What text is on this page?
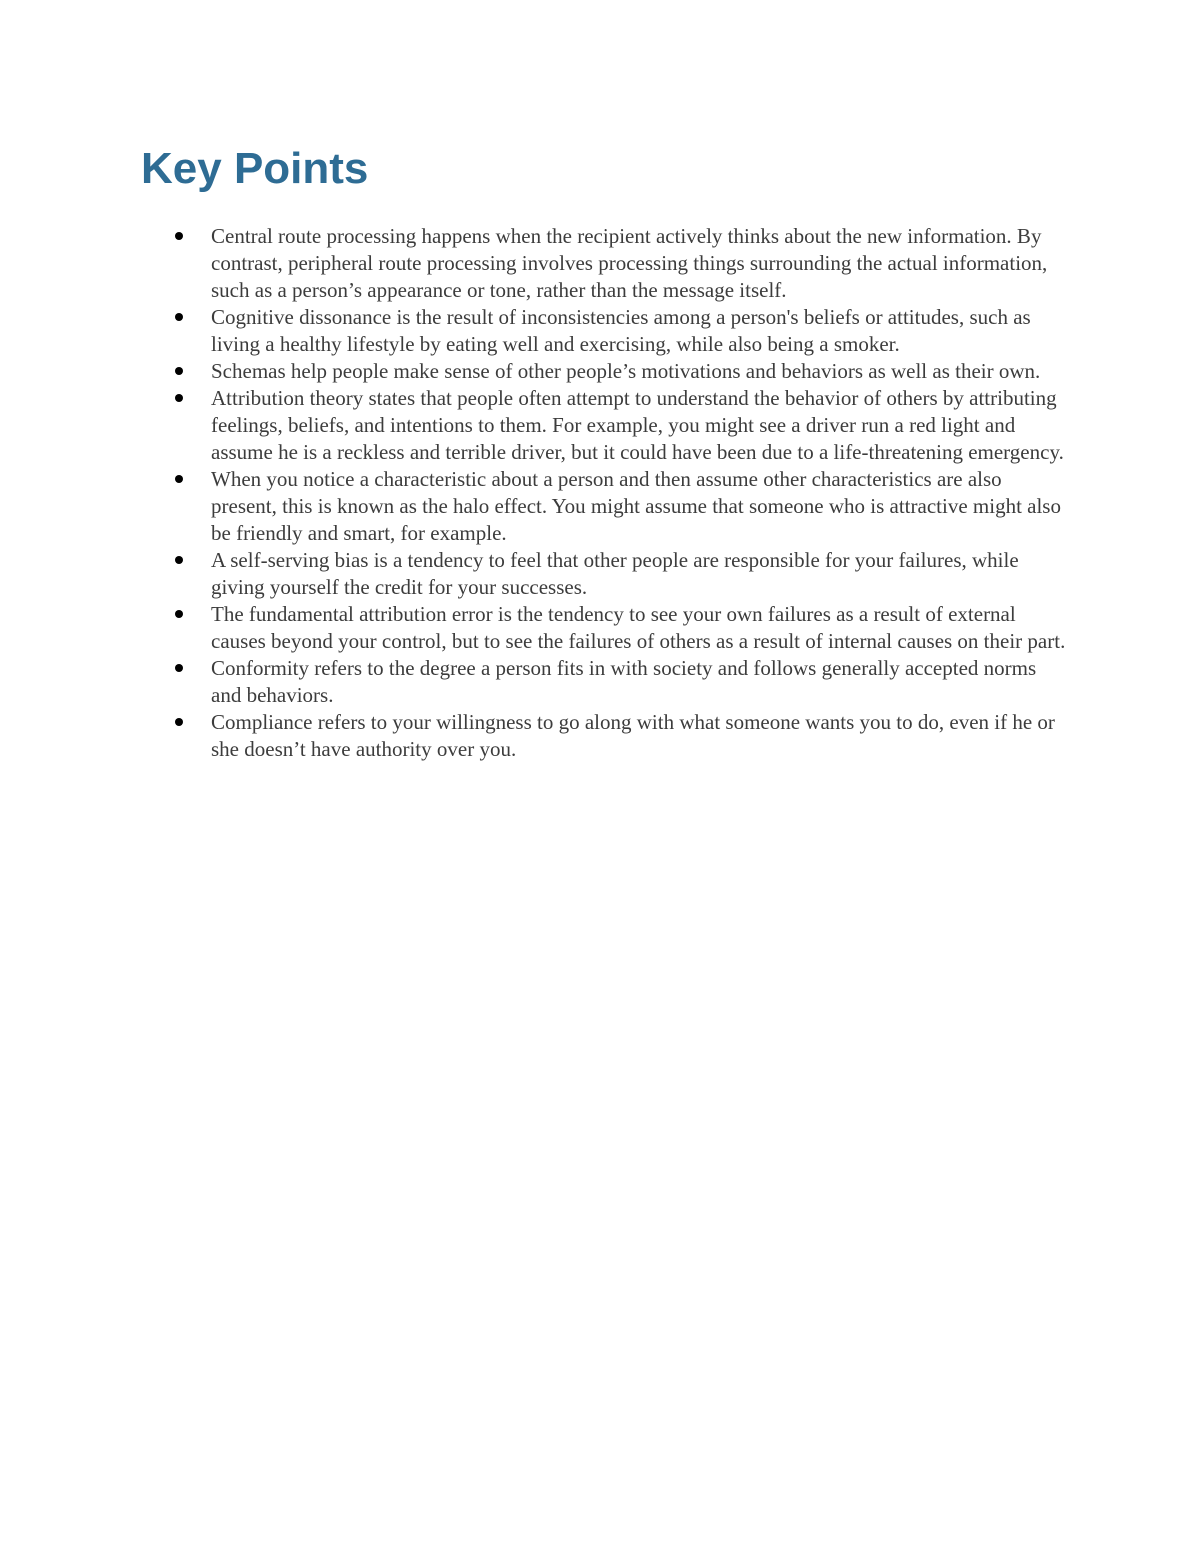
Key Points
Central route processing happens when the recipient actively thinks about the new information. By contrast, peripheral route processing involves processing things surrounding the actual information, such as a person’s appearance or tone, rather than the message itself.
Cognitive dissonance is the result of inconsistencies among a person's beliefs or attitudes, such as living a healthy lifestyle by eating well and exercising, while also being a smoker.
Schemas help people make sense of other people’s motivations and behaviors as well as their own.
Attribution theory states that people often attempt to understand the behavior of others by attributing feelings, beliefs, and intentions to them. For example, you might see a driver run a red light and assume he is a reckless and terrible driver, but it could have been due to a life-threatening emergency.
When you notice a characteristic about a person and then assume other characteristics are also present, this is known as the halo effect. You might assume that someone who is attractive might also be friendly and smart, for example.
A self-serving bias is a tendency to feel that other people are responsible for your failures, while giving yourself the credit for your successes.
The fundamental attribution error is the tendency to see your own failures as a result of external causes beyond your control, but to see the failures of others as a result of internal causes on their part.
Conformity refers to the degree a person fits in with society and follows generally accepted norms and behaviors.
Compliance refers to your willingness to go along with what someone wants you to do, even if he or she doesn’t have authority over you.
